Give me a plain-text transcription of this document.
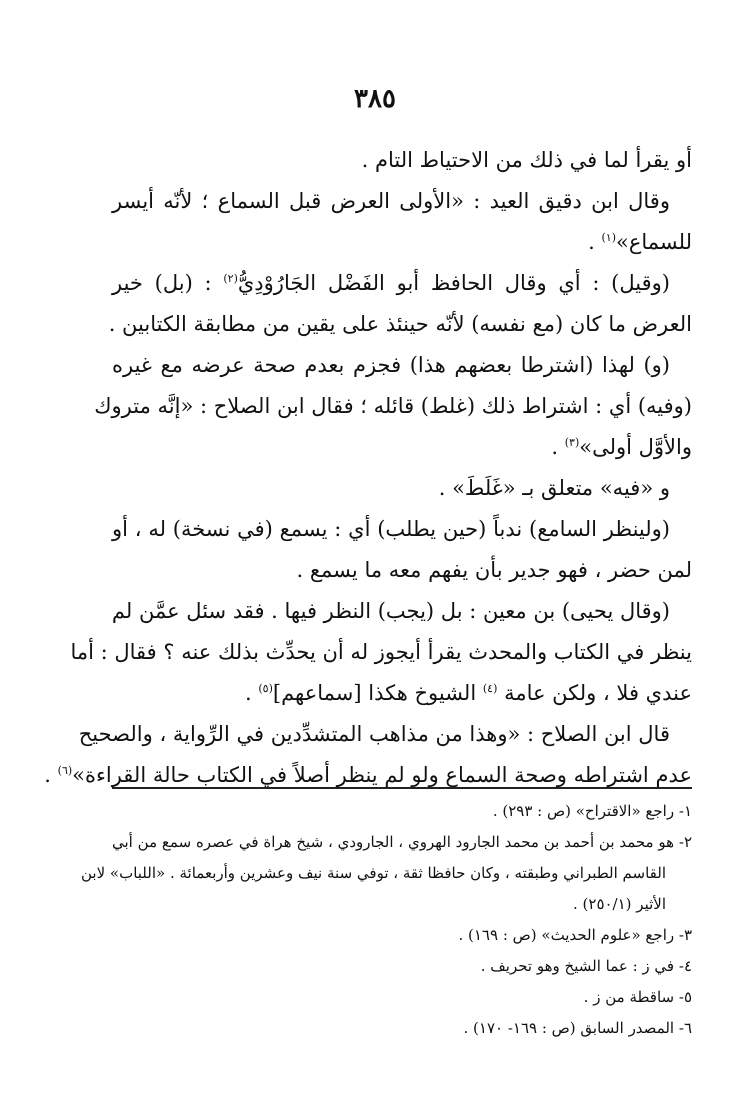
٣٨٥
أو يقرأ لما في ذلك من الاحتياط التام .
وقال ابن دقيق العيد : «الأولى العرض قبل السماع ؛ لأنّه أيسر
للسماع»$^{(١)}$ .
(وقيل) : أي وقال الحافظ أبو الفَضْل الجَارُوْدِيُّ$^{(٢)}$ : (بل) خير
العرض ما كان (مع نفسه) لأنّه حينئذ على يقين من مطابقة الكتابين .
(و) لهذا (اشترطا بعضهم هذا) فجزم بعدم صحة عرضه مع غيره
(وفيه) أي : اشتراط ذلك (غلط) قائله ؛ فقال ابن الصلاح : «إنَّه متروك
والأوَّل أولى»$^{(٣)}$ .
و «فيه» متعلق بـ «غَلَطَ» .
(ولينظر السامع) ندباً (حين يطلب) أي : يسمع (في نسخة) له ، أو
لمن حضر ، فهو جدير بأن يفهم معه ما يسمع .
(وقال يحيى) بن معين : بل (يجب) النظر فيها . فقد سئل عمَّن لم
ينظر في الكتاب والمحدث يقرأ أيجوز له أن يحدِّث بذلك عنه ؟ فقال : أما
عندي فلا ، ولكن عامة $^{(٤)}$ الشيوخ هكذا [سماعهم]$^{(٥)}$ .
قال ابن الصلاح : «وهذا من مذاهب المتشدِّدين في الرِّواية ، والصحيح
عدم اشتراطه وصحة السماع ولو لم ينظر أصلاً في الكتاب حالة القراءة»$^{(٦)}$ .
١- راجع «الاقتراح» (ص : ٢٩٣) .
٢- هو محمد بن أحمد بن محمد الجارود الهروي ، الجارودي ، شيخ هراة في عصره سمع من أبي
القاسم الطبراني وطبقته ، وكان حافظا ثقة ، توفي سنة نيف وعشرين وأربعمائة . «اللباب» لابن
الأثير (٢٥٠/١) .
٣- راجع «علوم الحديث» (ص : ١٦٩) .
٤- في ز : عما الشيخ وهو تحريف .
٥- ساقطة من ز .
٦- المصدر السابق (ص : ١٦٩- ١٧٠) .
